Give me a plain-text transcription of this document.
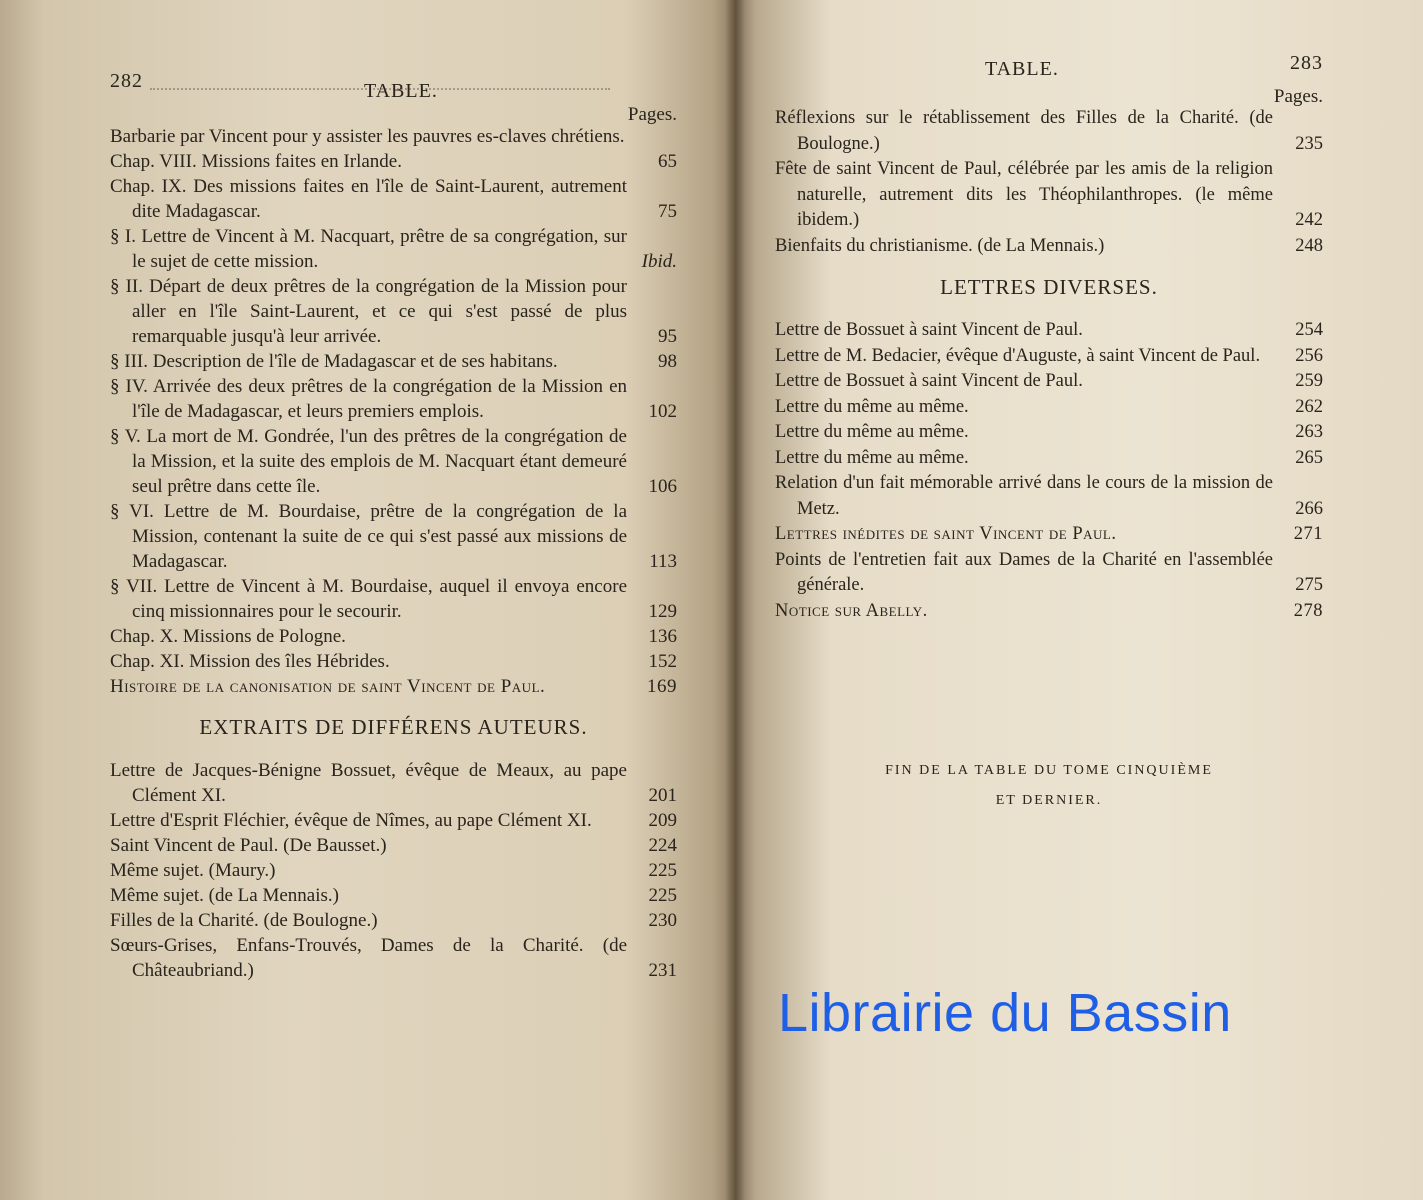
282	TABLE.
Pages.

Barbarie par Vincent pour y assister les pauvres es-claves chrétiens.

Chap. VIII. Missions faites en Irlande.	65

Chap. IX. Des missions faites en l'île de Saint-Laurent, autrement dite Madagascar.	75

§ I. Lettre de Vincent à M. Nacquart, prêtre de sa congrégation, sur le sujet de cette mission.	Ibid.

§ II. Départ de deux prêtres de la congrégation de la Mission pour aller en l'île Saint-Laurent, et ce qui s'est passé de plus remarquable jusqu'à leur arrivée.	95

§ III. Description de l'île de Madagascar et de ses habitans.	98

§ IV. Arrivée des deux prêtres de la congrégation de la Mission en l'île de Madagascar, et leurs premiers emplois.	102

§ V. La mort de M. Gondrée, l'un des prêtres de la congrégation de la Mission, et la suite des emplois de M. Nacquart étant demeuré seul prêtre dans cette île.	106

§ VI. Lettre de M. Bourdaise, prêtre de la congrégation de la Mission, contenant la suite de ce qui s'est passé aux missions de Madagascar.	113

§ VII. Lettre de Vincent à M. Bourdaise, auquel il envoya encore cinq missionnaires pour le secourir.	129

Chap. X. Missions de Pologne.	136

Chap. XI. Mission des îles Hébrides.	152

Histoire de la canonisation de saint Vincent de Paul.	169

EXTRAITS DE DIFFÉRENS AUTEURS.

Lettre de Jacques-Bénigne Bossuet, évêque de Meaux, au pape Clément XI.	201

Lettre d'Esprit Fléchier, évêque de Nîmes, au pape Clément XI.	209

Saint Vincent de Paul. (De Bausset.)	224

Même sujet. (Maury.)	225

Même sujet. (de La Mennais.)	225

Filles de la Charité. (de Boulogne.)	230

Sœurs-Grises, Enfans-Trouvés, Dames de la Charité. (de Châteaubriand.)	231

TABLE.	283
Pages.

Réflexions sur le rétablissement des Filles de la Charité. (de Boulogne.)	235

Fête de saint Vincent de Paul, célébrée par les amis de la religion naturelle, autrement dits les Théophilanthropes. (le même ibidem.)	242

Bienfaits du christianisme. (de La Mennais.)	248

LETTRES DIVERSES.

Lettre de Bossuet à saint Vincent de Paul.	254

Lettre de M. Bedacier, évêque d'Auguste, à saint Vincent de Paul.	256

Lettre de Bossuet à saint Vincent de Paul.	259

Lettre du même au même.	262

Lettre du même au même.	263

Lettre du même au même.	265

Relation d'un fait mémorable arrivé dans le cours de la mission de Metz.	266

Lettres inédites de saint Vincent de Paul.	271

Points de l'entretien fait aux Dames de la Charité en l'assemblée générale.	275

Notice sur Abelly.	278

FIN DE LA TABLE DU TOME CINQUIÈME
ET DERNIER.
Librairie du Bassin
